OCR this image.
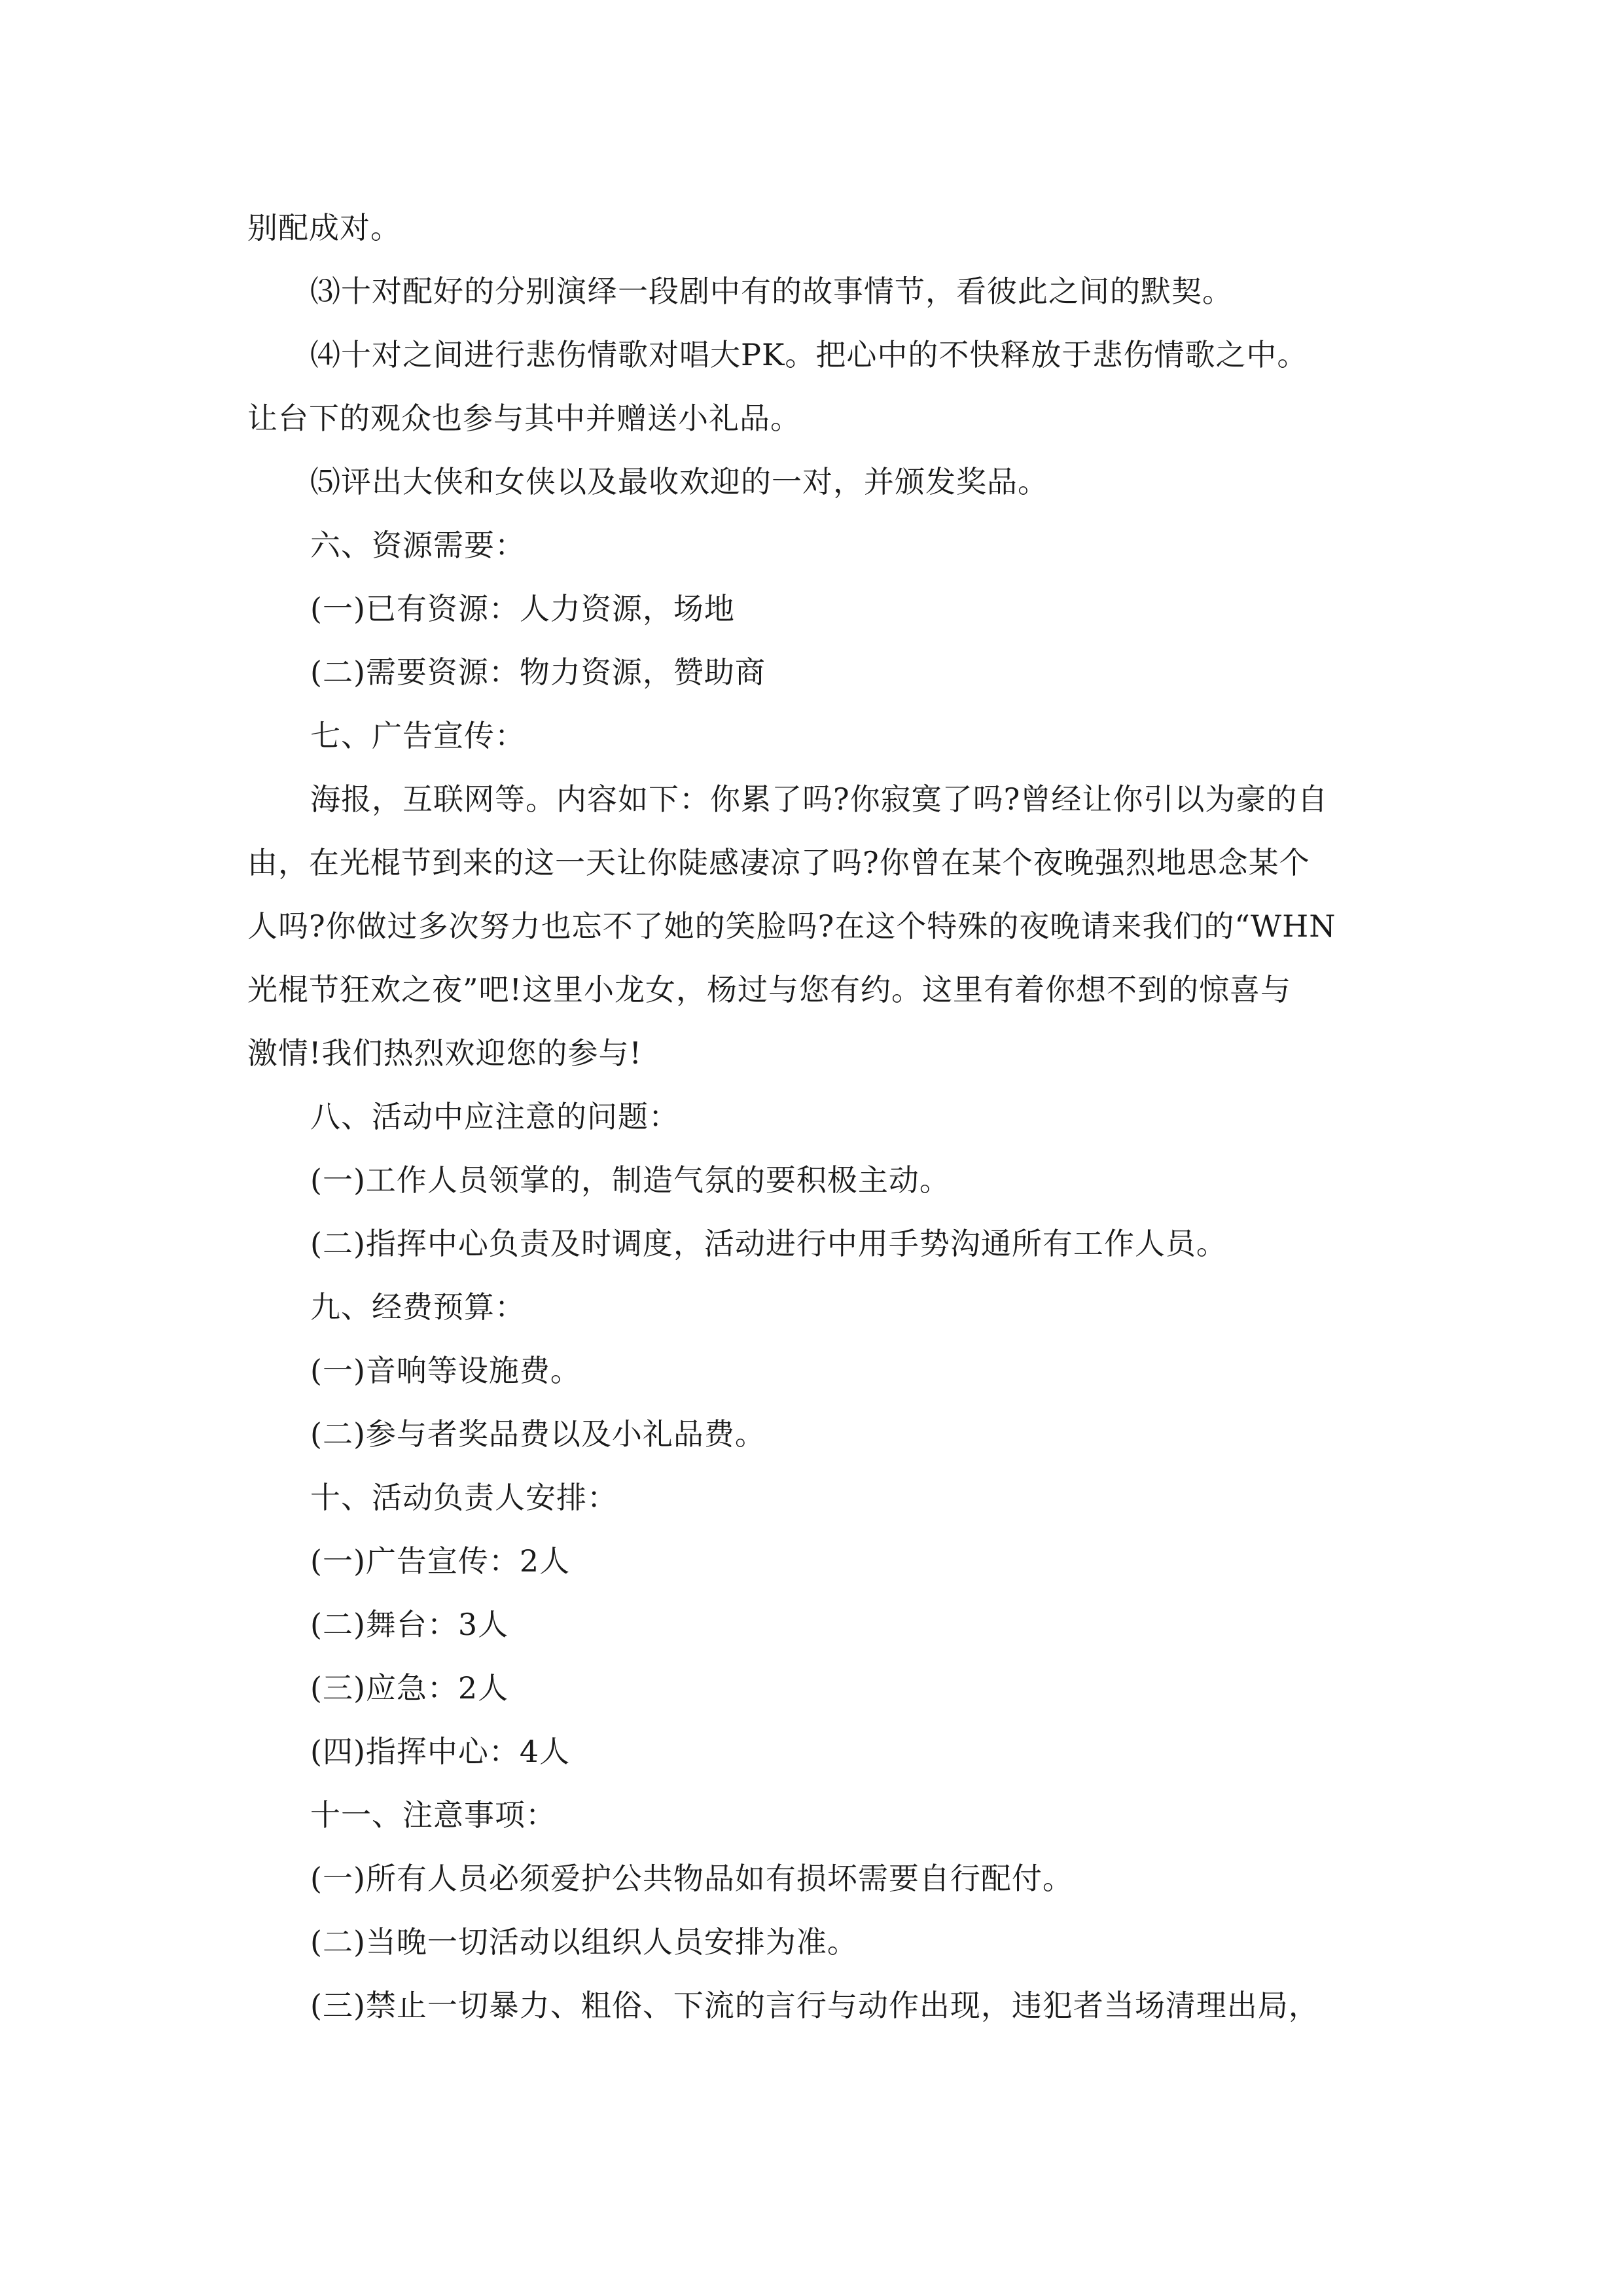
别配成对。
⑶十对配好的分别演绎一段剧中有的故事情节，看彼此之间的默契。
⑷十对之间进行悲伤情歌对唱大PK。把心中的不快释放于悲伤情歌之中。
让台下的观众也参与其中并赠送小礼品。
⑸评出大侠和女侠以及最收欢迎的一对，并颁发奖品。
六、资源需要：
(一)已有资源：人力资源，场地
(二)需要资源：物力资源，赞助商
七、广告宣传：
海报，互联网等。内容如下：你累了吗?你寂寞了吗?曾经让你引以为豪的自
由，在光棍节到来的这一天让你陡感凄凉了吗?你曾在某个夜晚强烈地思念某个
人吗?你做过多次努力也忘不了她的笑脸吗?在这个特殊的夜晚请来我们的“WHN
光棍节狂欢之夜”吧!这里小龙女，杨过与您有约。这里有着你想不到的惊喜与
激情!我们热烈欢迎您的参与!
八、活动中应注意的问题：
(一)工作人员领掌的，制造气氛的要积极主动。
(二)指挥中心负责及时调度，活动进行中用手势沟通所有工作人员。
九、经费预算：
(一)音响等设施费。
(二)参与者奖品费以及小礼品费。
十、活动负责人安排：
(一)广告宣传：2人
(二)舞台：3人
(三)应急：2人
(四)指挥中心：4人
十一、注意事项：
(一)所有人员必须爱护公共物品如有损坏需要自行配付。
(二)当晚一切活动以组织人员安排为准。
(三)禁止一切暴力、粗俗、下流的言行与动作出现，违犯者当场清理出局，
